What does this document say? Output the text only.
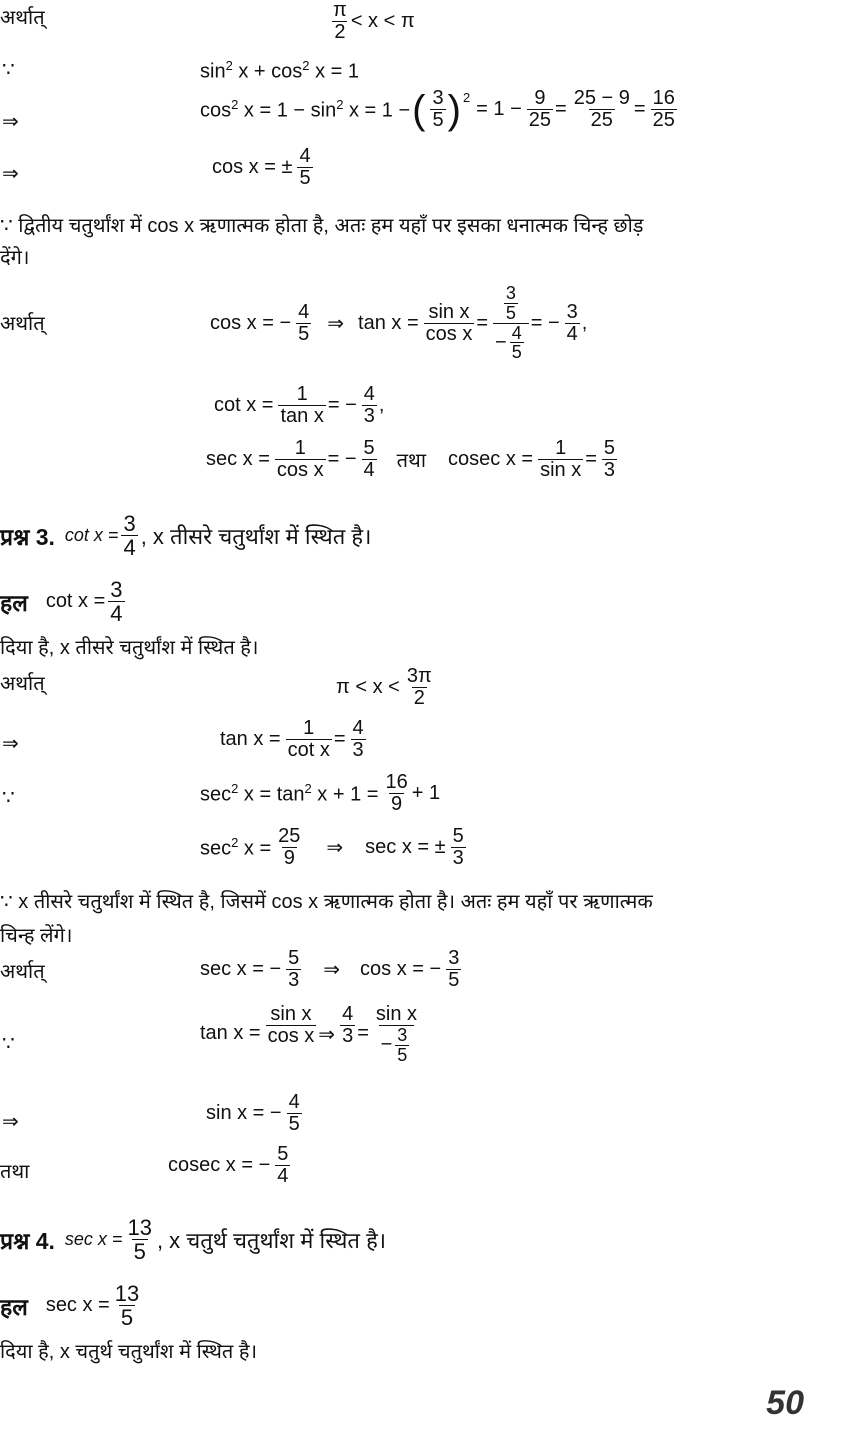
अर्थात्	π
2 < x < π
∵	$\sin^2 x + \cos^2 x = 1$
⇒
$\cos^2 x = 1 - \sin^2 x = 1$ − ( 3
5 )$^2$
= $1 - \frac{9}{25} = \frac{25 - 9}{25} = \frac{16}{25}$
⇒	cos x = ± $\frac{4}{5}$
∵ द्वितीय चतुर्थांश में cos x ऋणात्मक होता है, अतः हम यहाँ पर इसका धनात्मक चिन्ह छोड़
देंगे।
अर्थात्	cos x = − $\frac{4}{5}$ ⇒ $\tan x = \frac{\text{sin x}}{\text{cos x}} = \frac{\frac{3}{5}}{- \frac{4}{5}}$ = − $\frac{3}{4}$ ,
$\cot x = \frac{1}{\text{tan x}}$ = − $\frac{4}{3}$ ,
$\sec x = \frac{1}{\text{cos x}}$ = − $\frac{5}{4}$ तथा cosec $x = \frac{1}{\text{sin x}} = \frac{5}{3}$
प्रश्न 3. $\cot x = \frac{3}{4}$ , x तीसरे चतुर्थांश में स्थित है।
हल $\cot x = \frac{3}{4}$
दिया है, x तीसरे चतुर्थांश में स्थित है।
अर्थात्	π < x < 3π
2
⇒	$\tan x = \frac{1}{\text{cot x}} = \frac{4}{3}$
∵	$\sec^2 x = \tan^2 x + 1 = \frac{16}{9} + 1$
$\sec^2 x = \frac{25}{9}$ ⇒ sec x = ± $\frac{5}{3}$
∵ x तीसरे चतुर्थांश में स्थित है, जिसमें cos x ऋणात्मक होता है। अतः हम यहाँ पर ऋणात्मक
चिन्ह लेंगे।
अर्थात्	sec x = − $\frac{5}{3}$ ⇒ cos x = − $\frac{3}{5}$
∵	$\tan x = \frac{\text{sin x}}{\text{cos x}}$ ⇒ $\frac{4}{3} = \frac{\text{sin x}}{- \frac{3}{5}}$
⇒	sin x = − $\frac{4}{5}$
तथा	cosec x = − $\frac{5}{4}$
प्रश्न 4. $\sec x = \frac{13}{5}$ , x चतुर्थ चतुर्थांश में स्थित है।
हल $\sec x = \frac{13}{5}$
दिया है, x चतुर्थ चतुर्थांश में स्थित है।
50
